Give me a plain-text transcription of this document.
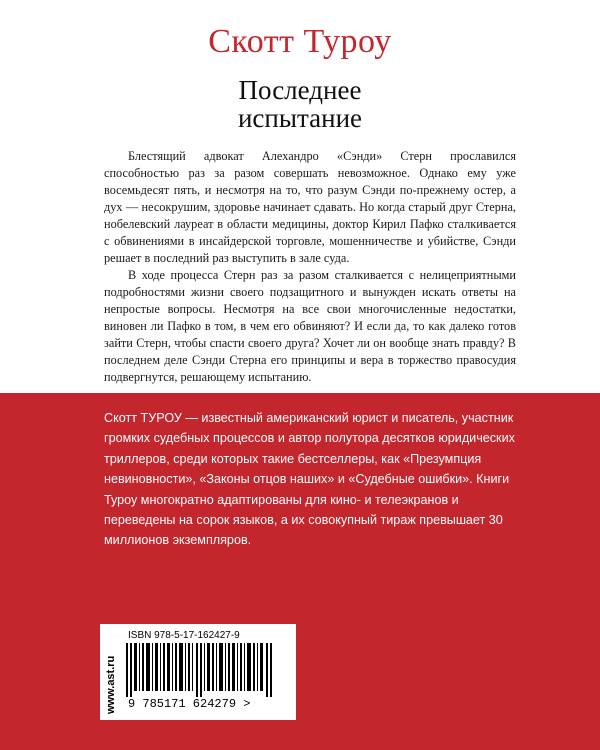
Скотт Туроу
Последнее
испытание

Блестящий адвокат Алехандро «Сэнди» Стерн прославился способностью раз за разом совершать невозможное. Однако ему уже восемьдесят пять, и несмотря на то, что разум Сэнди по-прежнему остер, а дух — несокрушим, здоровье начинает сдавать. Но когда старый друг Стерна, нобелевский лауреат в области медицины, доктор Кирил Пафко сталкивается с обвинениями в инсайдерской торговле, мошенничестве и убийстве, Сэнди решает в последний раз выступить в зале суда.

В ходе процесса Стерн раз за разом сталкивается с нелицеприятными подробностями жизни своего подзащитного и вынужден искать ответы на непростые вопросы. Несмотря на все свои многочисленные недостатки, виновен ли Пафко в том, в чем его обвиняют? И если да, то как далеко готов зайти Стерн, чтобы спасти своего друга? Хочет ли он вообще знать правду? В последнем деле Сэнди Стерна его принципы и вера в торжество правосудия подвергнутся, решающему испытанию.

Скотт ТУРОУ — известный американский юрист и писатель, участник громких судебных процессов и автор полутора десятков юридических триллеров, среди которых такие бестселлеры, как «Презумпция невиновности», «Законы отцов наших» и «Судебные ошибки». Книги Туроу многократно адаптированы для кино- и телеэкранов и переведены на сорок языков, а их совокупный тираж превышает 30 миллионов экземпляров.

www.ast.ru
ISBN 978-5-17-162427-9
9 785171 624279 >
